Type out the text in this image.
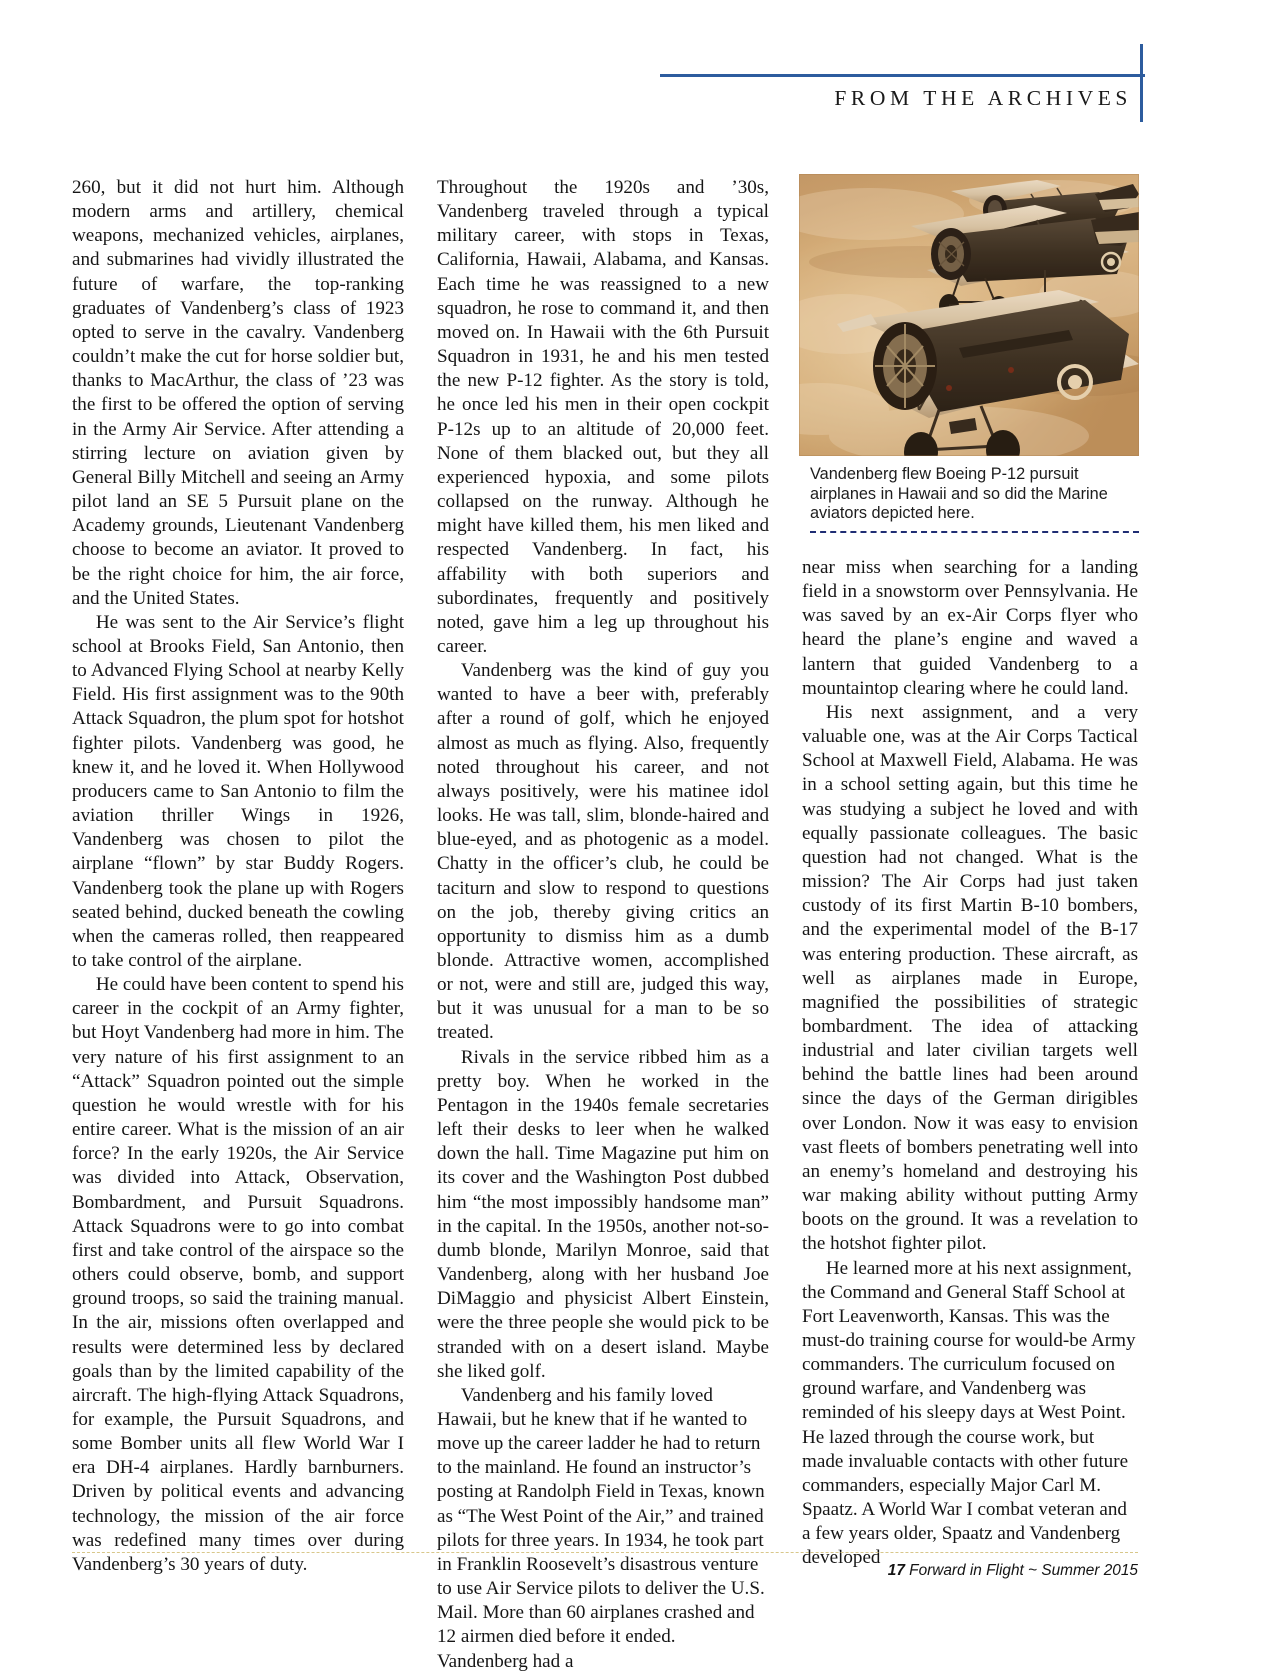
FROM THE ARCHIVES
Vandenberg flew Boeing P-12 pursuit airplanes in Hawaii and so did the Marine aviators depicted here.

260, but it did not hurt him. Although modern arms and artillery, chemical weapons, mechanized vehicles, airplanes, and submarines had vividly illustrated the future of warfare, the top-ranking graduates of Vandenberg’s class of 1923 opted to serve in the cavalry. Vandenberg couldn’t make the cut for horse soldier but, thanks to MacArthur, the class of ’23 was the first to be offered the option of serving in the Army Air Service. After attending a stirring lecture on aviation given by General Billy Mitchell and seeing an Army pilot land an SE 5 Pursuit plane on the Academy grounds, Lieutenant Vandenberg choose to become an aviator. It proved to be the right choice for him, the air force, and the United States.

He was sent to the Air Service’s flight school at Brooks Field, San Antonio, then to Advanced Flying School at nearby Kelly Field. His first assignment was to the 90th Attack Squadron, the plum spot for hotshot fighter pilots. Vandenberg was good, he knew it, and he loved it. When Hollywood producers came to San Antonio to film the aviation thriller Wings in 1926, Vandenberg was chosen to pilot the airplane “flown” by star Buddy Rogers. Vandenberg took the plane up with Rogers seated behind, ducked beneath the cowling when the cameras rolled, then reappeared to take control of the airplane.

He could have been content to spend his career in the cockpit of an Army fighter, but Hoyt Vandenberg had more in him. The very nature of his first assignment to an “Attack” Squadron pointed out the simple question he would wrestle with for his entire career. What is the mission of an air force? In the early 1920s, the Air Service was divided into Attack, Observation, Bombardment, and Pursuit Squadrons. Attack Squadrons were to go into combat first and take control of the airspace so the others could observe, bomb, and support ground troops, so said the training manual. In the air, missions often overlapped and results were determined less by declared goals than by the limited capability of the aircraft. The high-flying Attack Squadrons, for example, the Pursuit Squadrons, and some Bomber units all flew World War I era DH-4 airplanes. Hardly barnburners. Driven by political events and advancing technology, the mission of the air force was redefined many times over during Vandenberg’s 30 years of duty.

Throughout the 1920s and ’30s, Vandenberg traveled through a typical military career, with stops in Texas, California, Hawaii, Alabama, and Kansas. Each time he was reassigned to a new squadron, he rose to command it, and then moved on. In Hawaii with the 6th Pursuit Squadron in 1931, he and his men tested the new P-12 fighter. As the story is told, he once led his men in their open cockpit P-12s up to an altitude of 20,000 feet. None of them blacked out, but they all experienced hypoxia, and some pilots collapsed on the runway. Although he might have killed them, his men liked and respected Vandenberg. In fact, his affability with both superiors and subordinates, frequently and positively noted, gave him a leg up throughout his career.

Vandenberg was the kind of guy you wanted to have a beer with, preferably after a round of golf, which he enjoyed almost as much as flying. Also, frequently noted throughout his career, and not always positively, were his matinee idol looks. He was tall, slim, blonde-haired and blue-eyed, and as photogenic as a model. Chatty in the officer’s club, he could be taciturn and slow to respond to questions on the job, thereby giving critics an opportunity to dismiss him as a dumb blonde. Attractive women, accomplished or not, were and still are, judged this way, but it was unusual for a man to be so treated.

Rivals in the service ribbed him as a pretty boy. When he worked in the Pentagon in the 1940s female secretaries left their desks to leer when he walked down the hall. Time Magazine put him on its cover and the Washington Post dubbed him “the most impossibly handsome man” in the capital. In the 1950s, another not-so-dumb blonde, Marilyn Monroe, said that Vandenberg, along with her husband Joe DiMaggio and physicist Albert Einstein, were the three people she would pick to be stranded with on a desert island. Maybe she liked golf.

Vandenberg and his family loved Hawaii, but he knew that if he wanted to move up the career ladder he had to return to the mainland. He found an instructor’s posting at Randolph Field in Texas, known as “The West Point of the Air,” and trained pilots for three years. In 1934, he took part in Franklin Roosevelt’s disastrous venture to use Air Service pilots to deliver the U.S. Mail. More than 60 airplanes crashed and 12 airmen died before it ended. Vandenberg had a

near miss when searching for a landing field in a snowstorm over Pennsylvania. He was saved by an ex-Air Corps flyer who heard the plane’s engine and waved a lantern that guided Vandenberg to a mountaintop clearing where he could land.

His next assignment, and a very valuable one, was at the Air Corps Tactical School at Maxwell Field, Alabama. He was in a school setting again, but this time he was studying a subject he loved and with equally passionate colleagues. The basic question had not changed. What is the mission? The Air Corps had just taken custody of its first Martin B-10 bombers, and the experimental model of the B-17 was entering production. These aircraft, as well as airplanes made in Europe, magnified the possibilities of strategic bombardment. The idea of attacking industrial and later civilian targets well behind the battle lines had been around since the days of the German dirigibles over London. Now it was easy to envision vast fleets of bombers penetrating well into an enemy’s homeland and destroying his war making ability without putting Army boots on the ground. It was a revelation to the hotshot fighter pilot.

He learned more at his next assignment, the Command and General Staff School at Fort Leavenworth, Kansas. This was the must-do training course for would-be Army commanders. The curriculum focused on ground warfare, and Vandenberg was reminded of his sleepy days at West Point. He lazed through the course work, but made invaluable contacts with other future commanders, especially Major Carl M. Spaatz. A World War I combat veteran and a few years older, Spaatz and Vandenberg developed

17 Forward in Flight ~ Summer 2015
